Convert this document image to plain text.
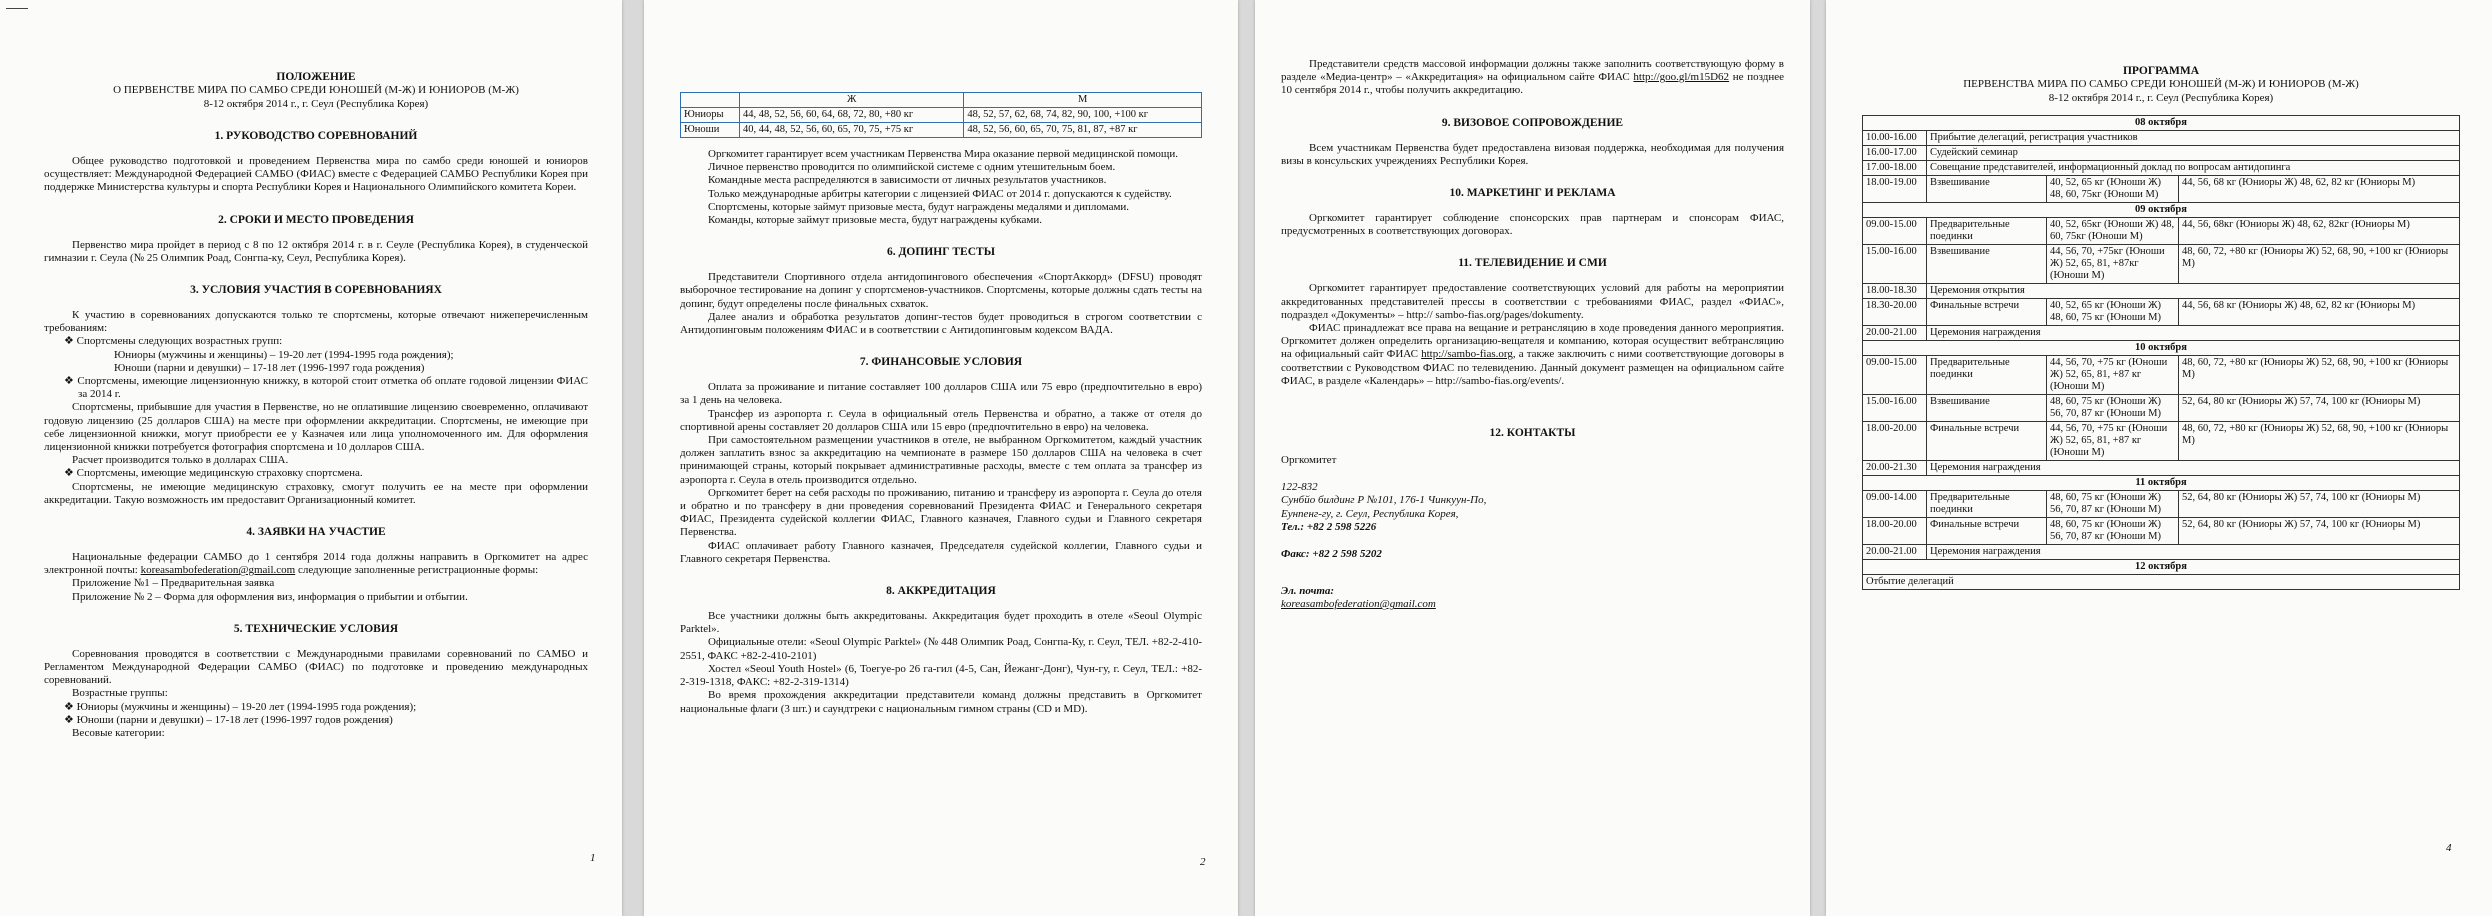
ПОЛОЖЕНИЕ
О ПЕРВЕНСТВЕ МИРА ПО САМБО СРЕДИ ЮНОШЕЙ (М-Ж) И ЮНИОРОВ (М-Ж)
8-12 октября 2014 г., г. Сеул (Республика Корея)
1. РУКОВОДСТВО СОРЕВНОВАНИЙ

Общее руководство подготовкой и проведением Первенства мира по самбо среди юношей и юниоров осуществляет: Международной Федерацией САМБО (ФИАС) вместе с Федерацией САМБО Республики Корея при поддержке Министерства культуры и спорта Республики Корея и Национального Олимпийского комитета Кореи.

2. СРОКИ И МЕСТО ПРОВЕДЕНИЯ

Первенство мира пройдет в период с 8 по 12 октября 2014 г. в г. Сеуле (Республика Корея), в студенческой гимназии г. Сеула (№ 25 Олимпик Роад, Сонгпа-ку, Сеул, Республика Корея).

3. УСЛОВИЯ УЧАСТИЯ В СОРЕВНОВАНИЯХ

К участию в соревнованиях допускаются только те спортсмены, которые отвечают нижеперечисленным требованиям:

❖ Спортсмены следующих возрастных групп:

Юниоры (мужчины и женщины) – 19-20 лет (1994-1995 года рождения);

Юноши (парни и девушки) – 17-18 лет (1996-1997 года рождения)

❖ Спортсмены, имеющие лицензионную книжку, в которой стоит отметка об оплате годовой лицензии ФИАС за 2014 г.

Спортсмены, прибывшие для участия в Первенстве, но не оплатившие лицензию своевременно, оплачивают годовую лицензию (25 долларов США) на месте при оформлении аккредитации. Спортсмены, не имеющие при себе лицензионной книжки, могут приобрести ее у Казначея или лица уполномоченного им. Для оформления лицензионной книжки потребуется фотография спортсмена и 10 долларов США.

Расчет производится только в долларах США.

❖ Спортсмены, имеющие медицинскую страховку спортсмена.

Спортсмены, не имеющие медицинскую страховку, смогут получить ее на месте при оформлении аккредитации. Такую возможность им предоставит Организационный комитет.

4. ЗАЯВКИ НА УЧАСТИЕ

Национальные федерации САМБО до 1 сентября 2014 года должны направить в Оргкомитет на адрес электронной почты: koreasambofederation@gmail.com следующие заполненные регистрационные формы:

Приложение №1 – Предварительная заявка

Приложение № 2 – Форма для оформления виз, информация о прибытии и отбытии.

5. ТЕХНИЧЕСКИЕ УСЛОВИЯ

Соревнования проводятся в соответствии с Международными правилами соревнований по САМБО и Регламентом Международной Федерации САМБО (ФИАС) по подготовке и проведению международных соревнований.

Возрастные группы:

❖ Юниоры (мужчины и женщины) – 19-20 лет (1994-1995 года рождения);

❖ Юноши (парни и девушки) – 17-18 лет (1996-1997 годов рождения)

Весовые категории:

1
	Ж	М
Юниоры	44, 48, 52, 56, 60, 64, 68, 72, 80, +80 кг	48, 52, 57, 62, 68, 74, 82, 90, 100, +100 кг
Юноши	40, 44, 48, 52, 56, 60, 65, 70, 75, +75 кг	48, 52, 56, 60, 65, 70, 75, 81, 87, +87 кг

Оргкомитет гарантирует всем участникам Первенства Мира оказание первой медицинской помощи.

Личное первенство проводится по олимпийской системе с одним утешительным боем.

Командные места распределяются в зависимости от личных результатов участников.

Только международные арбитры категории с лицензией ФИАС от 2014 г. допускаются к судейству.

Спортсмены, которые займут призовые места, будут награждены медалями и дипломами.

Команды, которые займут призовые места, будут награждены кубками.

6. ДОПИНГ ТЕСТЫ

Представители Спортивного отдела антидопингового обеспечения «СпортАккорд» (DFSU) проводят выборочное тестирование на допинг у спортсменов-участников. Спортсмены, которые должны сдать тесты на допинг, будут определены после финальных схваток.

Далее анализ и обработка результатов допинг-тестов будет проводиться в строгом соответствии с Антидопинговым положениям ФИАС и в соответствии с Антидопинговым кодексом ВАДА.

7. ФИНАНСОВЫЕ УСЛОВИЯ

Оплата за проживание и питание составляет 100 долларов США или 75 евро (предпочтительно в евро) за 1 день на человека.

Трансфер из аэропорта г. Сеула в официальный отель Первенства и обратно, а также от отеля до спортивной арены составляет 20 долларов США или 15 евро (предпочтительно в евро) на человека.

При самостоятельном размещении участников в отеле, не выбранном Оргкомитетом, каждый участник должен заплатить взнос за аккредитацию на чемпионате в размере 150 долларов США на человека в счет принимающей страны, который покрывает административные расходы, вместе с тем оплата за трансфер из аэропорта г. Сеула в отель производится отдельно.

Оргкомитет берет на себя расходы по проживанию, питанию и трансферу из аэропорта г. Сеула до отеля и обратно и по трансферу в дни проведения соревнований Президента ФИАС и Генерального секретаря ФИАС, Президента судейской коллегии ФИАС, Главного казначея, Главного судьи и Главного секретаря Первенства.

ФИАС оплачивает работу Главного казначея, Председателя судейской коллегии, Главного судьи и Главного секретаря Первенства.

8. АККРЕДИТАЦИЯ

Все участники должны быть аккредитованы. Аккредитация будет проходить в отеле «Seoul Olympic Parktel».

Официальные отели: «Seoul Olympic Parktel» (№ 448 Олимпик Роад, Сонгпа-Ку, г. Сеул, ТЕЛ. +82-2-410-2551, ФАКС +82-2-410-2101)

Хостел «Seoul Youth Hostel» (6, Тоегуе-ро 26 га-гил (4-5, Сан, Йежанг-Донг), Чун-гу, г. Сеул, ТЕЛ.: +82-2-319-1318, ФАКС: +82-2-319-1314)

Во время прохождения аккредитации представители команд должны представить в Оргкомитет национальные флаги (3 шт.) и саундтреки с национальным гимном страны (CD и MD).

2

Представители средств массовой информации должны также заполнить соответствующую форму в разделе «Медиа-центр» – «Аккредитация» на официальном сайте ФИАС http://goo.gl/m15D62 не позднее 10 сентября 2014 г., чтобы получить аккредитацию.

9. ВИЗОВОЕ СОПРОВОЖДЕНИЕ

Всем участникам Первенства будет предоставлена визовая поддержка, необходимая для получения визы в консульских учреждениях Республики Корея.

10. МАРКЕТИНГ И РЕКЛАМА

Оргкомитет гарантирует соблюдение спонсорских прав партнерам и спонсорам ФИАС, предусмотренных в соответствующих договорах.

11. ТЕЛЕВИДЕНИЕ И СМИ

Оргкомитет гарантирует предоставление соответствующих условий для работы на мероприятии аккредитованных представителей прессы в соответствии с требованиями ФИАС, раздел «ФИАС», подраздел «Документы» – http:// sambo-fias.org/pages/dokumenty.

ФИАС принадлежат все права на вещание и ретрансляцию в ходе проведения данного мероприятия. Оргкомитет должен определить организацию-вещателя и компанию, которая осуществит вебтрансляцию на официальный сайт ФИАС http://sambo-fias.org, а также заключить с ними соответствующие договоры в соответствии с Руководством ФИАС по телевидению. Данный документ размещен на официальном сайте ФИАС, в разделе «Календарь» – http://sambo-fias.org/events/.

12. КОНТАКТЫ

Оргкомитет

122-832

Сунбйо билдинг Р №101, 176-1 Чинкуун-По,

Еунпенг-гу, г. Сеул, Республика Корея,

Тел.: +82 2 598 5226

Факс: +82 2 598 5202

Эл. почта:

koreasambofederation@gmail.com

ПРОГРАММА
ПЕРВЕНСТВА МИРА ПО САМБО СРЕДИ ЮНОШЕЙ (М-Ж) И ЮНИОРОВ (М-Ж)
8-12 октября 2014 г., г. Сеул (Республика Корея)
08 октября			
10.00-16.00	Прибытие делегаций, регистрация участников		
16.00-17.00	Судейский семинар		
17.00-18.00	Совещание представителей, информационный доклад по вопросам антидопинга		
18.00-19.00	Взвешивание	40, 52, 65 кг (Юноши Ж) 48, 60, 75кг (Юноши М)	44, 56, 68 кг (Юниоры Ж) 48, 62, 82 кг (Юниоры М)
09 октября			
09.00-15.00	Предварительные поединки	40, 52, 65кг (Юноши Ж) 48, 60, 75кг (Юноши М)	44, 56, 68кг (Юниоры Ж) 48, 62, 82кг (Юниоры М)
15.00-16.00	Взвешивание	44, 56, 70, +75кг (Юноши Ж) 52, 65, 81, +87кг (Юноши М)	48, 60, 72, +80 кг (Юниоры Ж) 52, 68, 90, +100 кг (Юниоры М)
18.00-18.30	Церемония открытия		
18.30-20.00	Финальные встречи	40, 52, 65 кг (Юноши Ж) 48, 60, 75 кг (Юноши М)	44, 56, 68 кг (Юниоры Ж) 48, 62, 82 кг (Юниоры М)
20.00-21.00	Церемония награждения		
10 октября			
09.00-15.00	Предварительные поединки	44, 56, 70, +75 кг (Юноши Ж) 52, 65, 81, +87 кг (Юноши М)	48, 60, 72, +80 кг (Юниоры Ж) 52, 68, 90, +100 кг (Юниоры М)
15.00-16.00	Взвешивание	48, 60, 75 кг (Юноши Ж) 56, 70, 87 кг (Юноши М)	52, 64, 80 кг (Юниоры Ж) 57, 74, 100 кг (Юниоры М)
18.00-20.00	Финальные встречи	44, 56, 70, +75 кг (Юноши Ж) 52, 65, 81, +87 кг (Юноши М)	48, 60, 72, +80 кг (Юниоры Ж) 52, 68, 90, +100 кг (Юниоры М)
20.00-21.30	Церемония награждения		
11 октября			
09.00-14.00	Предварительные поединки	48, 60, 75 кг (Юноши Ж) 56, 70, 87 кг (Юноши М)	52, 64, 80 кг (Юниоры Ж) 57, 74, 100 кг (Юниоры М)
18.00-20.00	Финальные встречи	48, 60, 75 кг (Юноши Ж) 56, 70, 87 кг (Юноши М)	52, 64, 80 кг (Юниоры Ж) 57, 74, 100 кг (Юниоры М)
20.00-21.00	Церемония награждения		
12 октября			
Отбытие делегаций			
4
